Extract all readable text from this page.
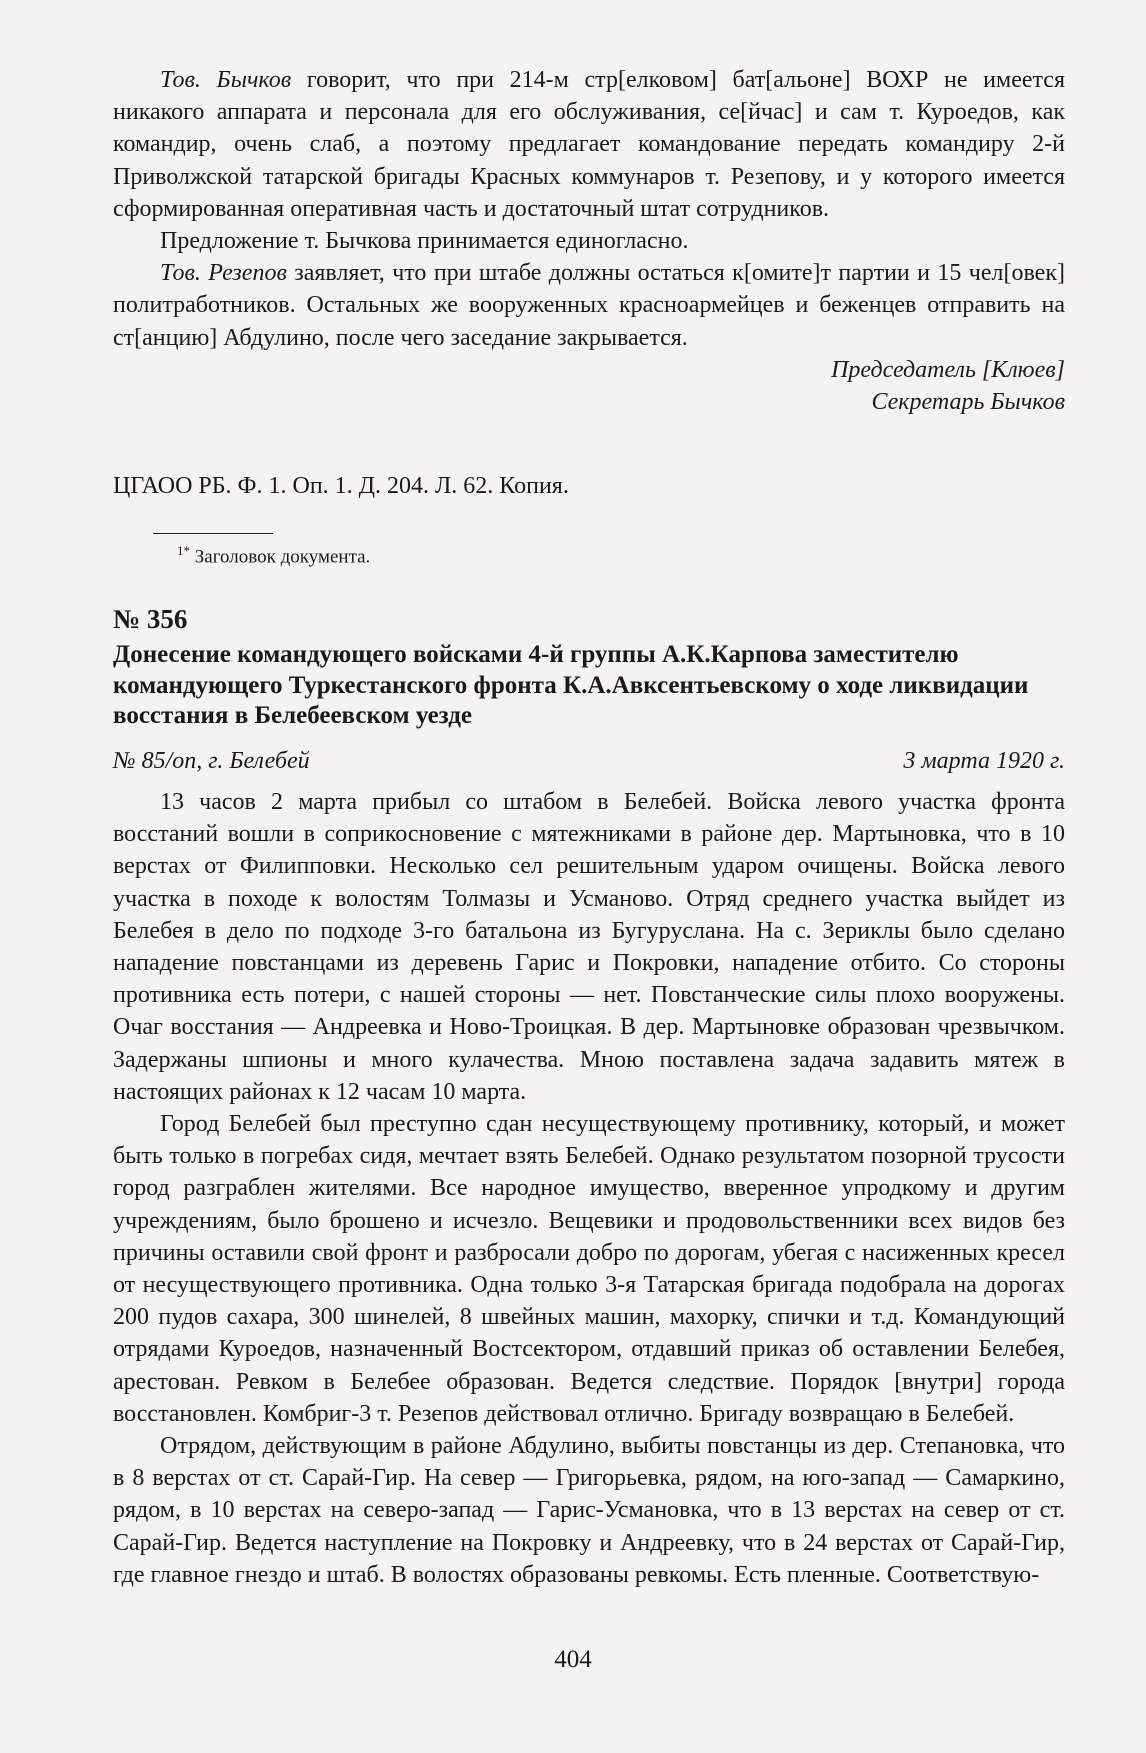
Тов. Бычков говорит, что при 214-м стр[елковом] бат[альоне] ВОХР не имеется никакого аппарата и персонала для его обслуживания, се[йчас] и сам т. Куроедов, как командир, очень слаб, а поэтому предлагает командование передать командиру 2-й Приволжской татарской бригады Красных коммунаров т. Резепову, и у которого имеется сформированная оперативная часть и достаточный штат сотрудников.

Предложение т. Бычкова принимается единогласно.

Тов. Резепов заявляет, что при штабе должны остаться к[омите]т партии и 15 чел[овек] политработников. Остальных же вооруженных красноармейцев и беженцев отправить на ст[анцию] Абдулино, после чего заседание закрывается.

Председатель [Клюев]
Секретарь Бычков
ЦГАОО РБ. Ф. 1. Оп. 1. Д. 204. Л. 62. Копия.
$^{1*}$ Заголовок документа.
№ 356
Донесение командующего войсками 4-й группы А.К.Карпова заместителю командующего Туркестанского фронта К.А.Авксентьевскому о ходе ликвидации восстания в Белебеевском уезде
№ 85/оп, г. Белебей	3 марта 1920 г.

13 часов 2 марта прибыл со штабом в Белебей. Войска левого участка фронта восстаний вошли в соприкосновение с мятежниками в районе дер. Мартыновка, что в 10 верстах от Филипповки. Несколько сел решительным ударом очищены. Войска левого участка в походе к волостям Толмазы и Усманово. Отряд среднего участка выйдет из Белебея в дело по подходе 3-го батальона из Бугуруслана. На с. Зериклы было сделано нападение повстанцами из деревень Гарис и Покровки, нападение отбито. Со стороны противника есть потери, с нашей стороны — нет. Повстанческие силы плохо вооружены. Очаг восстания — Андреевка и Ново-Троицкая. В дер. Мартыновке образован чрезвычком. Задержаны шпионы и много кулачества. Мною поставлена задача задавить мятеж в настоящих районах к 12 часам 10 марта.

Город Белебей был преступно сдан несуществующему противнику, который, и может быть только в погребах сидя, мечтает взять Белебей. Однако результатом позорной трусости город разграблен жителями. Все народное имущество, вверенное упродкому и другим учреждениям, было брошено и исчезло. Вещевики и продовольственники всех видов без причины оставили свой фронт и разбросали добро по дорогам, убегая с насиженных кресел от несуществующего противника. Одна только 3-я Татарская бригада подобрала на дорогах 200 пудов сахара, 300 шинелей, 8 швейных машин, махорку, спички и т.д. Командующий отрядами Куроедов, назначенный Востсектором, отдавший приказ об оставлении Белебея, арестован. Ревком в Белебее образован. Ведется следствие. Порядок [внутри] города восстановлен. Комбриг-3 т. Резепов действовал отлично. Бригаду возвращаю в Белебей.

Отрядом, действующим в районе Абдулино, выбиты повстанцы из дер. Степановка, что в 8 верстах от ст. Сарай-Гир. На север — Григорьевка, рядом, на юго-запад — Самаркино, рядом, в 10 верстах на северо-запад — Гарис-Усмановка, что в 13 верстах на север от ст. Сарай-Гир. Ведется наступление на Покровку и Андреевку, что в 24 верстах от Сарай-Гир, где главное гнездо и штаб. В волостях образованы ревкомы. Есть пленные. Соответствую-

404
